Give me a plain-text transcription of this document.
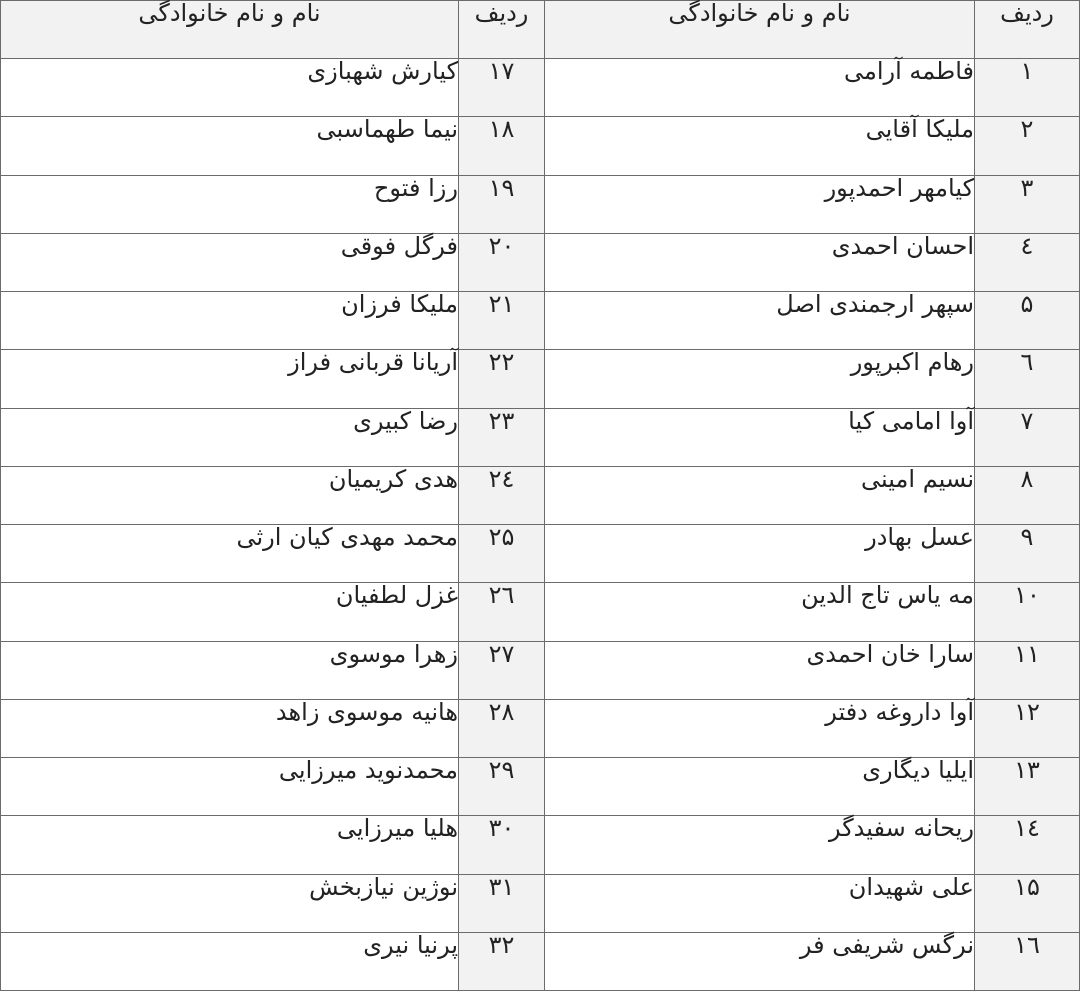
ردیف	نام و نام خانوادگی	ردیف	نام و نام خانوادگی
۱	فاطمه آرامی	۱۷	کیارش شهبازی
۲	ملیکا آقایی	۱۸	نیما طهماسبی
۳	کیامهر احمدپور	۱۹	رزا فتوح
٤	احسان احمدی	۲۰	فرگل فوقی
۵	سپهر ارجمندی اصل	۲۱	ملیکا فرزان
٦	رهام اکبرپور	۲۲	آریانا قربانی فراز
۷	آوا امامی کیا	۲۳	رضا کبیری
۸	نسیم امینی	۲٤	هدی کریمیان
۹	عسل بهادر	۲۵	محمد مهدی کیان ارثی
۱۰	مه یاس تاج الدین	۲٦	غزل لطفیان
۱۱	سارا خان احمدی	۲۷	زهرا موسوی
۱۲	آوا داروغه دفتر	۲۸	هانیه موسوی زاهد
۱۳	ایلیا دیگاری	۲۹	محمدنوید میرزایی
۱٤	ریحانه سفیدگر	۳۰	هلیا میرزایی
۱۵	علی شهیدان	۳۱	نوژین نیازبخش
۱٦	نرگس شریفی فر	۳۲	پرنیا نیری
